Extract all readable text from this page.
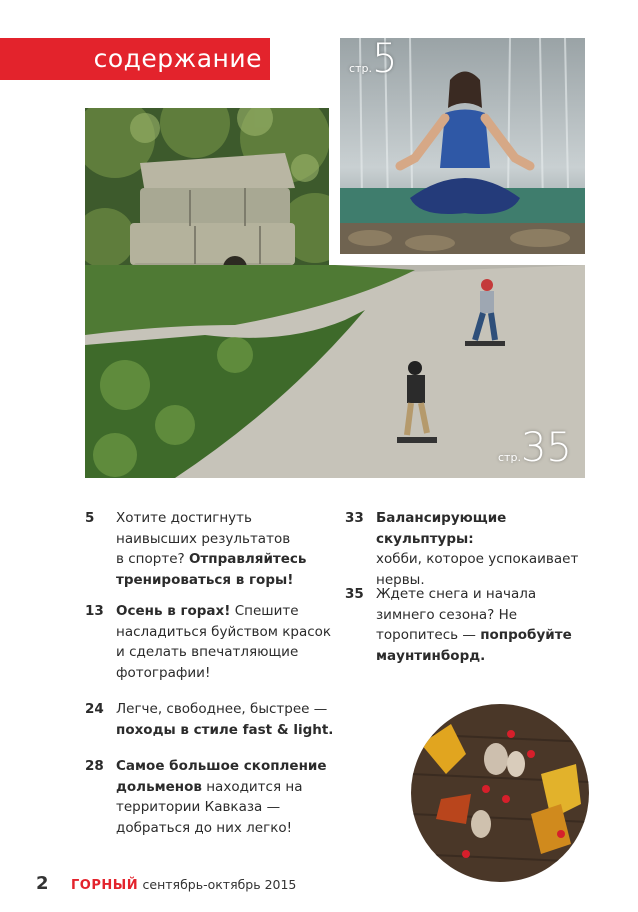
содержание	стр.5
стр.35
5	Хотите достигнуть
наивысших результатов
в спорте? Отправляйтесь
тренироваться в горы!
13 Осень в горах! Спешите
насладиться буйством красок
и сделать впечатляющие
фотографии!
24 Легче, свободнее, быстрее —
походы в стиле fast & light.
28 Самое большое скопление
дольменов находится на
территории Кавказа —
добраться до них легко!
33 Балансирующие скульптуры:
хобби, которое успокаивает
нервы.
35 Ждете снега и начала
зимнего сезона? Не
торопитесь — попробуйте
маунтинборд.
2 ГОРНЫЙ сентябрь-октябрь 2015
